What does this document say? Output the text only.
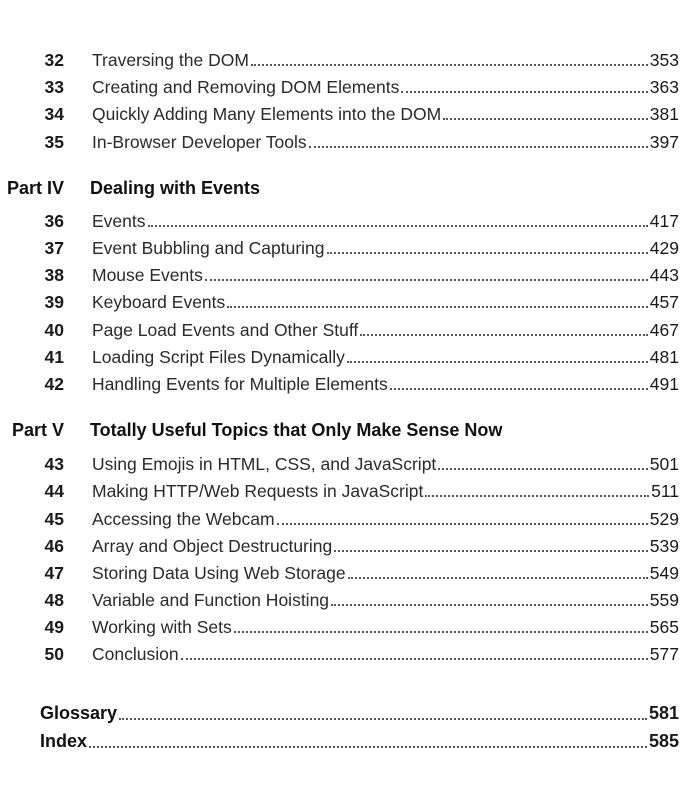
32 Traversing the DOM	353
33 Creating and Removing DOM Elements	363
34 Quickly Adding Many Elements into the DOM	381
35 In-Browser Developer Tools	397
Part IV Dealing with Events
36 Events	417
37 Event Bubbling and Capturing	429
38 Mouse Events	443
39 Keyboard Events	457
40 Page Load Events and Other Stuff	467
41 Loading Script Files Dynamically	481
42 Handling Events for Multiple Elements	491
Part V Totally Useful Topics that Only Make Sense Now
43 Using Emojis in HTML, CSS, and JavaScript	501
44 Making HTTP/Web Requests in JavaScript	511
45 Accessing the Webcam	529
46 Array and Object Destructuring	539
47 Storing Data Using Web Storage	549
48 Variable and Function Hoisting	559
49 Working with Sets	565
50 Conclusion	577
Glossary	581
Index	585
